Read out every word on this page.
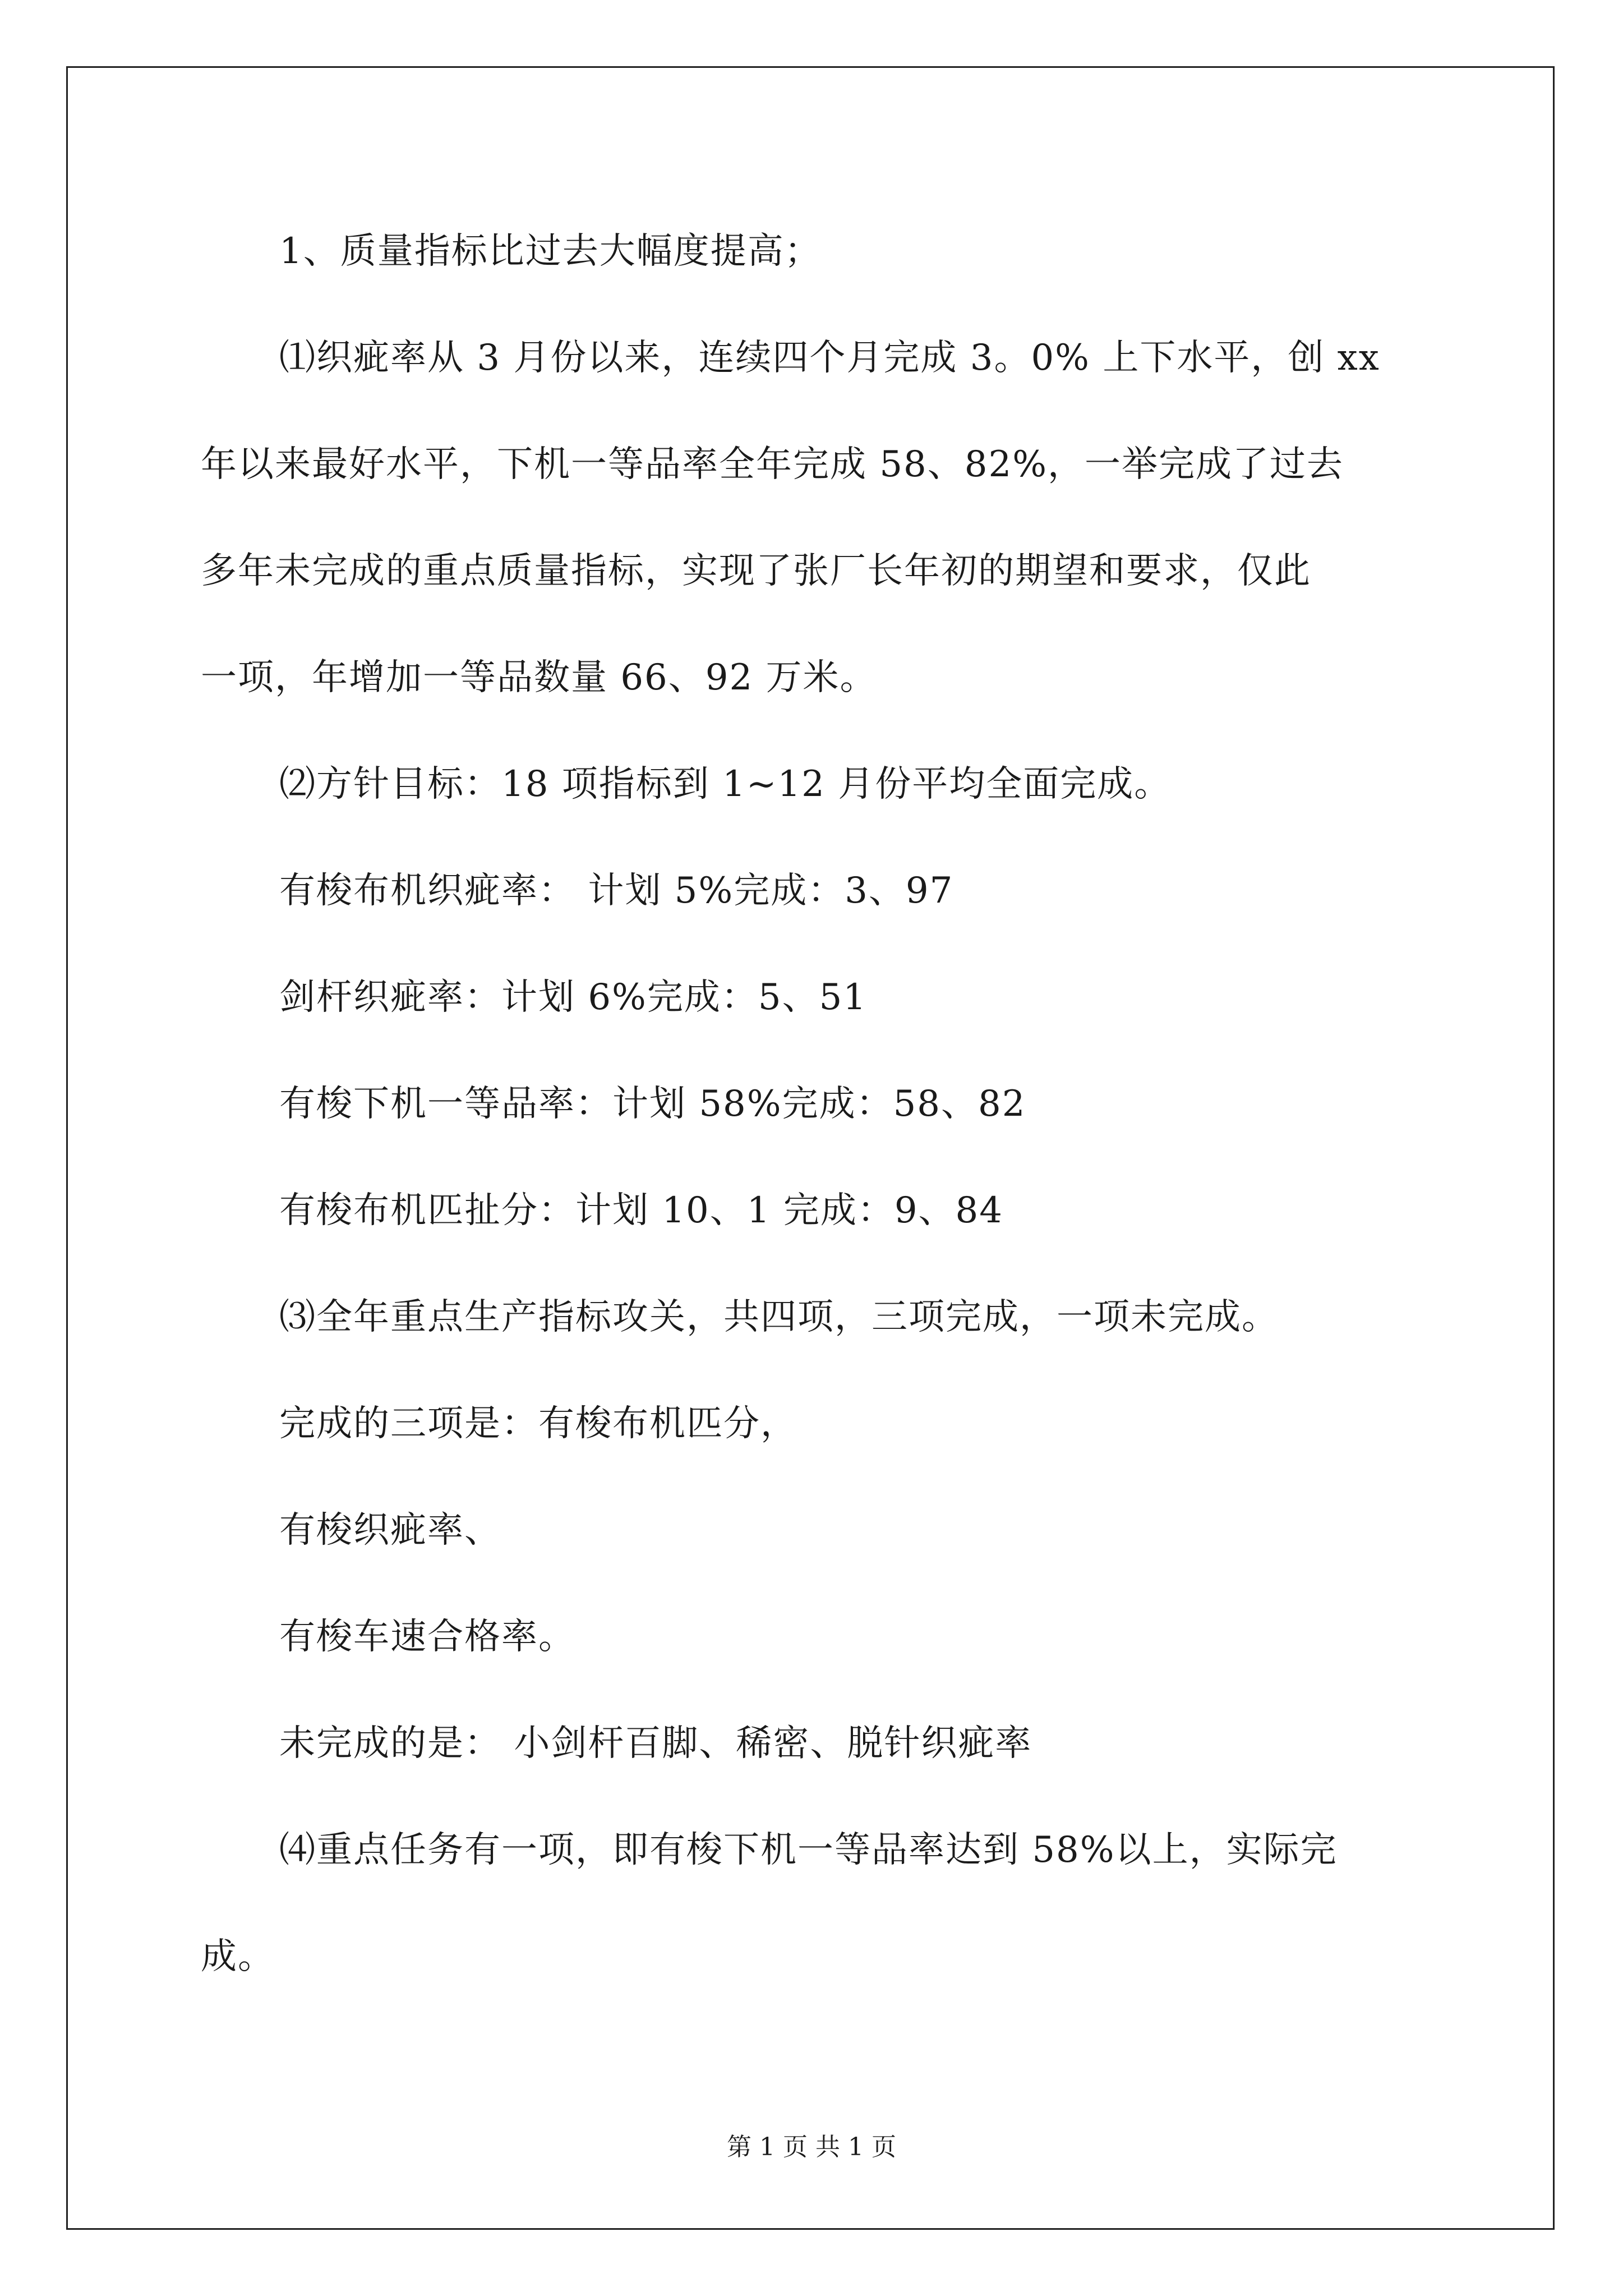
1、质量指标比过去大幅度提高；
⑴织疵率从 3 月份以来，连续四个月完成 3。0% 上下水平，创 xx
年以来最好水平，下机一等品率全年完成 58、82%，一举完成了过去
多年未完成的重点质量指标，实现了张厂长年初的期望和要求，仅此
一项，年增加一等品数量 66、92 万米。
⑵方针目标：18 项指标到 1~12 月份平均全面完成。
有梭布机织疵率： 计划 5%完成：3、97
剑杆织疵率：计划 6%完成：5、51
有梭下机一等品率：计划 58%完成：58、82
有梭布机匹扯分：计划 10、1 完成：9、84
⑶全年重点生产指标攻关，共四项，三项完成，一项未完成。
完成的三项是：有梭布机匹分，
有梭织疵率、
有梭车速合格率。
未完成的是： 小剑杆百脚、稀密、脱针织疵率
⑷重点任务有一项，即有梭下机一等品率达到 58%以上，实际完
成。
第 1 页 共 1 页
